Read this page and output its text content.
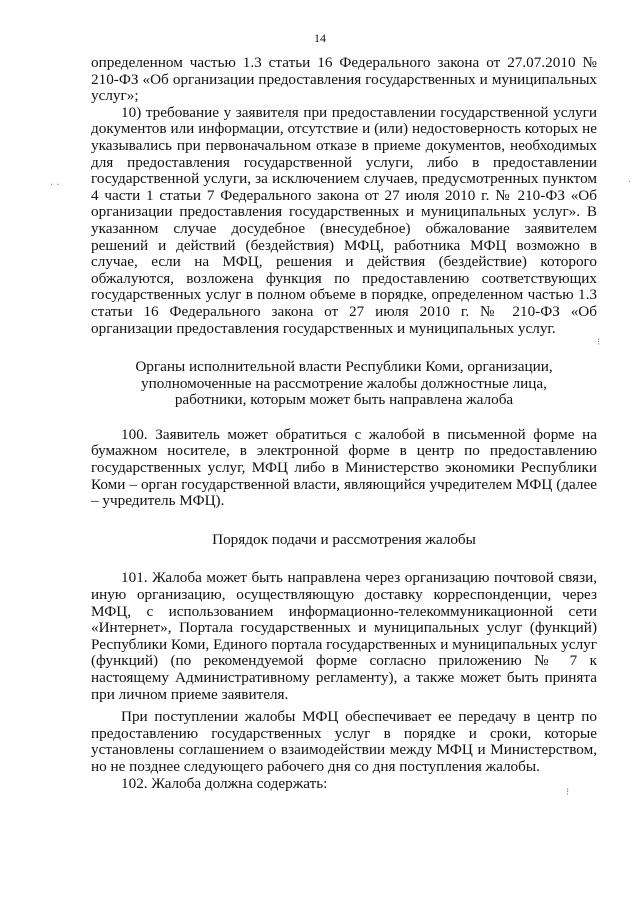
14
· ·	·
⁝
⁝

определенном частью 1.3 статьи 16 Федерального закона от 27.07.2010 № 210-ФЗ «Об организации предоставления государственных и муниципальных услуг»;

10) требование у заявителя при предоставлении государственной услуги документов или информации, отсутствие и (или) недостоверность которых не указывались при первоначальном отказе в приеме документов, необходимых для предоставления государственной услуги, либо в предоставлении государственной услуги, за исключением случаев, предусмотренных пунктом 4 части 1 статьи 7 Федерального закона от 27 июля 2010 г. № 210-ФЗ «Об организации предоставления государственных и муниципальных услуг». В указанном случае досудебное (внесудебное) обжалование заявителем решений и действий (бездействия) МФЦ, работника МФЦ возможно в случае, если на МФЦ, решения и действия (бездействие) которого обжалуются, возложена функция по предоставлению соответствующих государственных услуг в полном объеме в порядке, определенном частью 1.3 статьи 16 Федерального закона от 27 июля 2010 г. № 210-ФЗ «Об организации предоставления государственных и муниципальных услуг.

Органы исполнительной власти Республики Коми, организации,
уполномоченные на рассмотрение жалобы должностные лица,
работники, которым может быть направлена жалоба

100. Заявитель может обратиться с жалобой в письменной форме на бумажном носителе, в электронной форме в центр по предоставлению государственных услуг, МФЦ либо в Министерство экономики Республики Коми – орган государственной власти, являющийся учредителем МФЦ (далее – учредитель МФЦ).

Порядок подачи и рассмотрения жалобы

101. Жалоба может быть направлена через организацию почтовой связи, иную организацию, осуществляющую доставку корреспонденции, через МФЦ, с использованием информационно-телекоммуникационной сети «Интернет», Портала государственных и муниципальных услуг (функций) Республики Коми, Единого портала государственных и муниципальных услуг (функций) (по рекомендуемой форме согласно приложению № 7 к настоящему Административному регламенту), а также может быть принята при личном приеме заявителя.

При поступлении жалобы МФЦ обеспечивает ее передачу в центр по предоставлению государственных услуг в порядке и сроки, которые установлены соглашением о взаимодействии между МФЦ и Министерством, но не позднее следующего рабочего дня со дня поступления жалобы.

102. Жалоба должна содержать:
